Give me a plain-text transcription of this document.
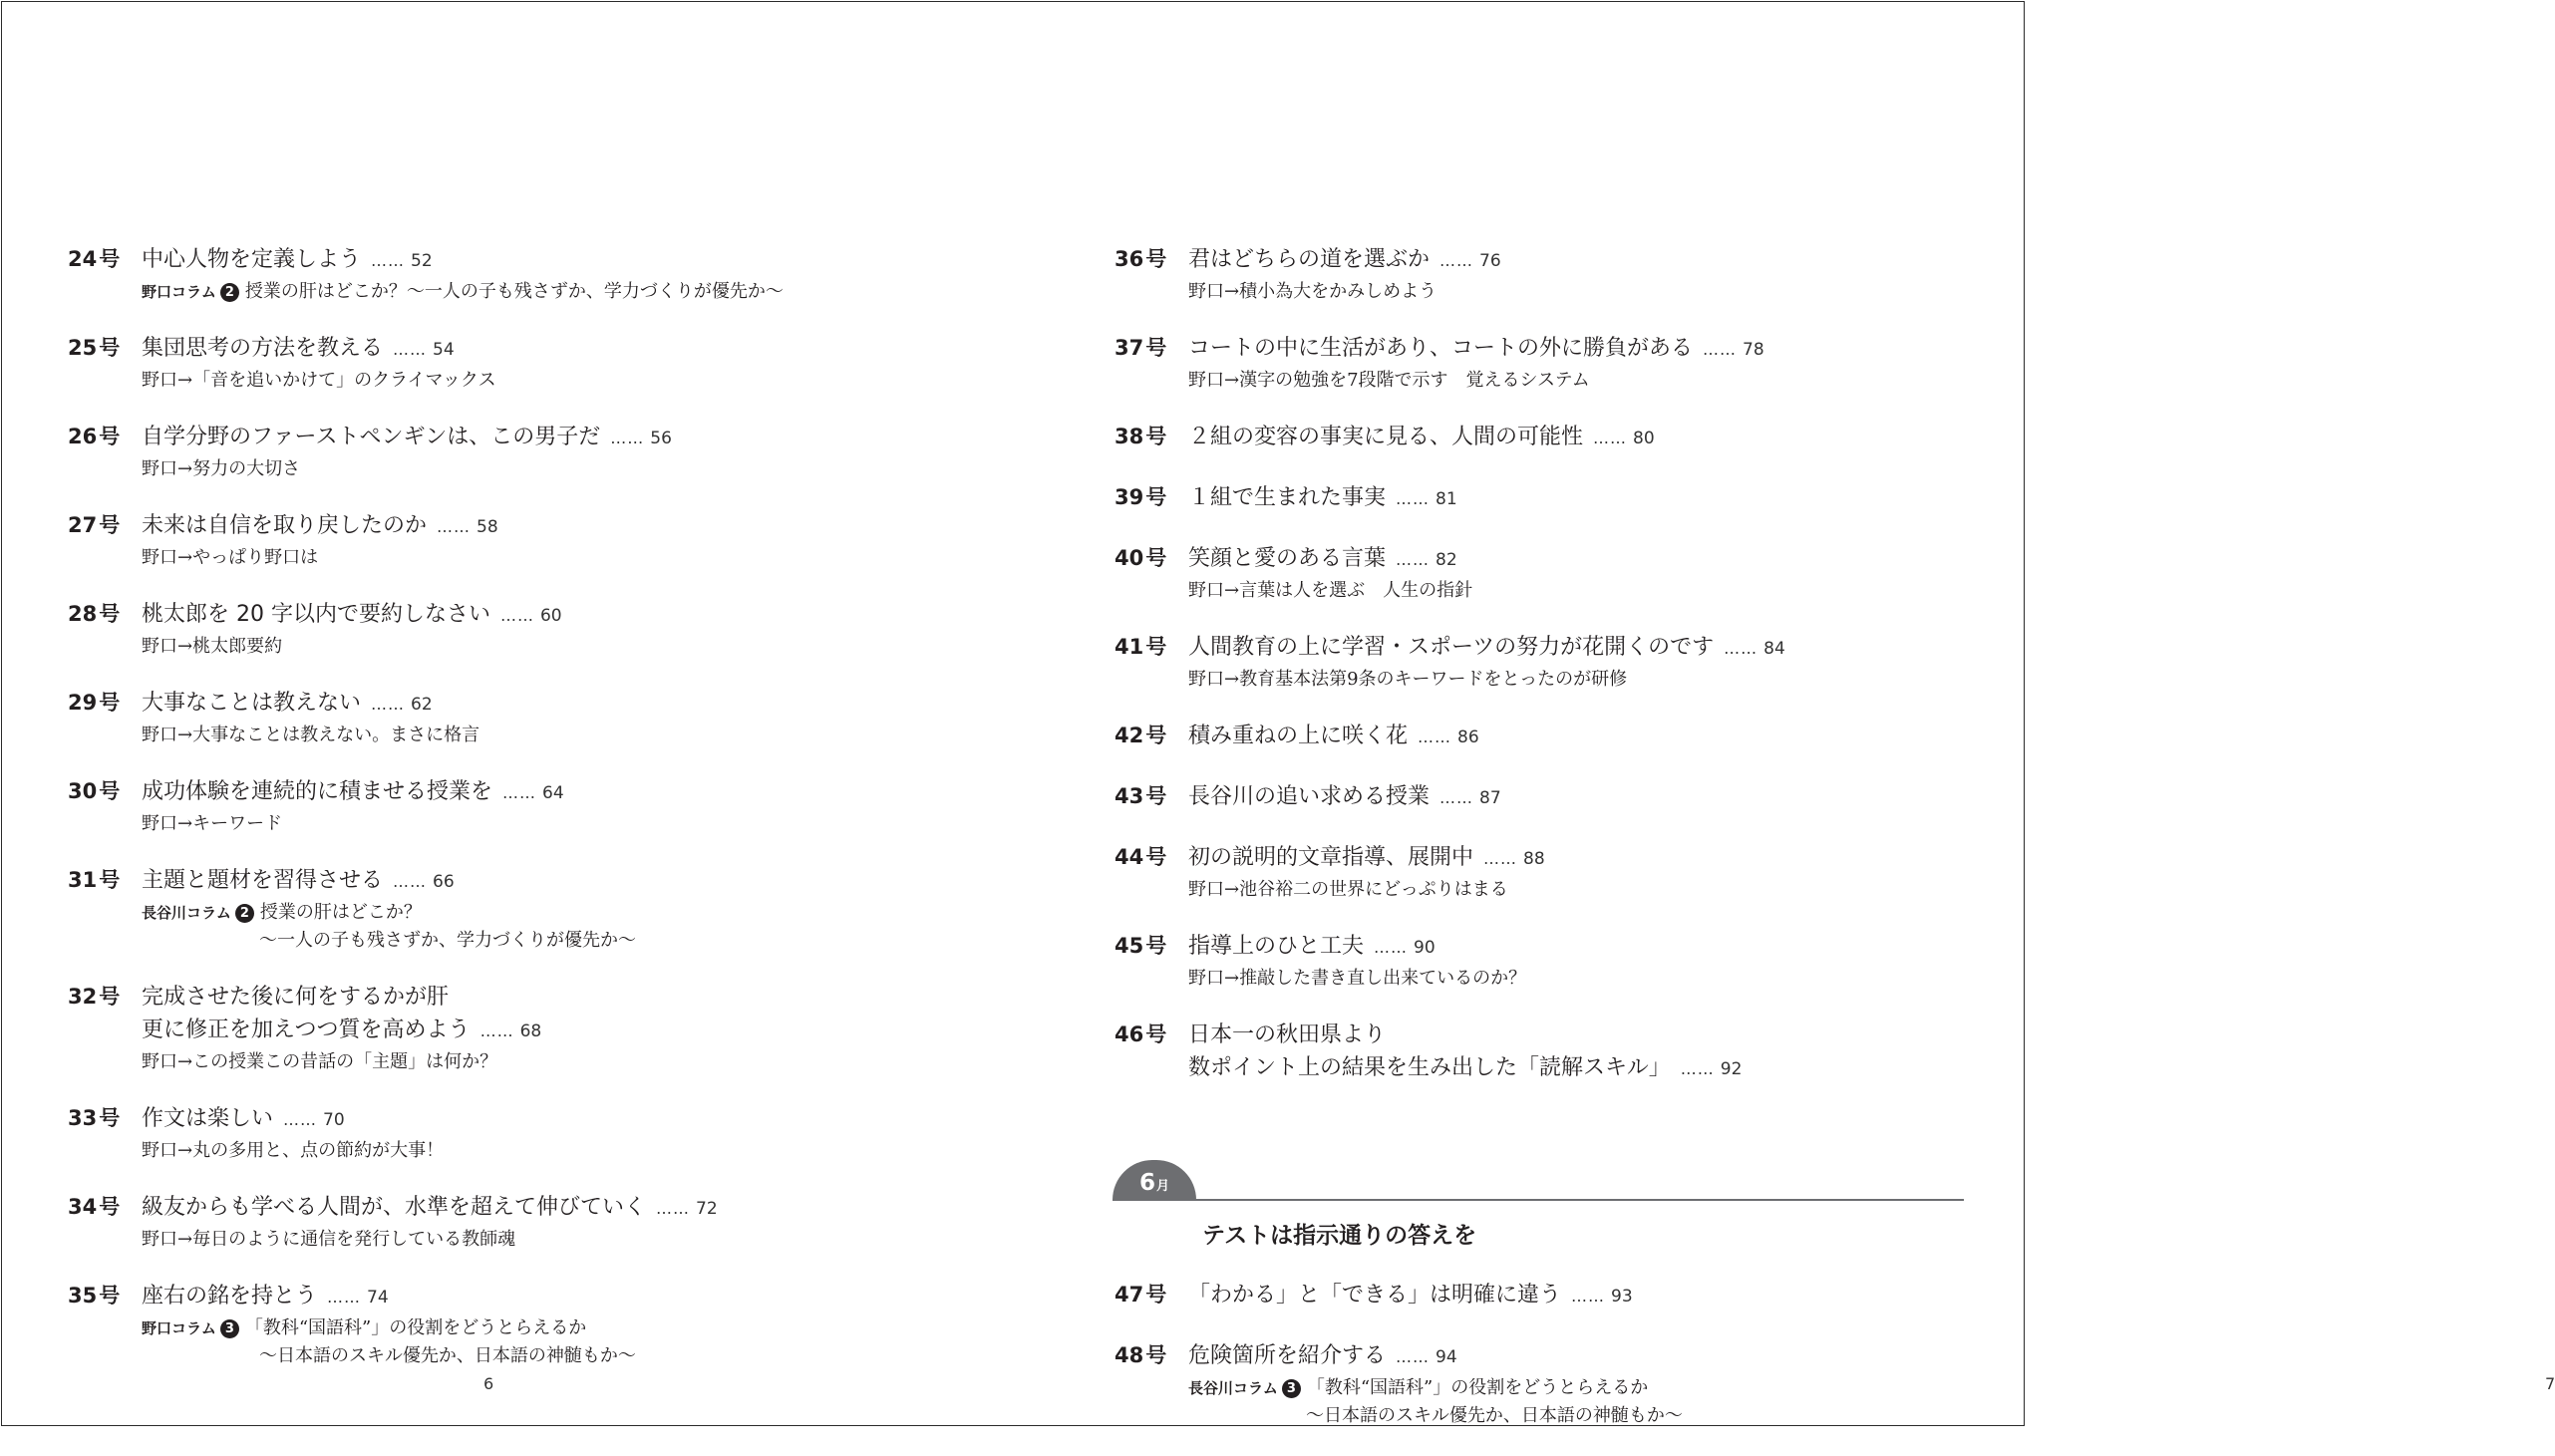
24号 中心人物を定義しよう …… 52
野口コラム 2 授業の肝はどこか？〜一人の子も残さずか、学力づくりが優先か〜
25号 集団思考の方法を教える …… 54
野口→「音を追いかけて」のクライマックス
26号 自学分野のファーストペンギンは、この男子だ …… 56
野口→努力の大切さ
27号 未来は自信を取り戻したのか …… 58
野口→やっぱり野口は
28号 桃太郎を 20 字以内で要約しなさい …… 60
野口→桃太郎要約
29号 大事なことは教えない …… 62
野口→大事なことは教えない。まさに格言
30号 成功体験を連続的に積ませる授業を …… 64
野口→キーワード
31号 主題と題材を習得させる …… 66
長谷川コラム 2 授業の肝はどこか？
〜一人の子も残さずか、学力づくりが優先か〜
32号 完成させた後に何をするかが肝
更に修正を加えつつ質を高めよう …… 68
野口→この授業この昔話の「主題」は何か？
33号 作文は楽しい …… 70
野口→丸の多用と、点の節約が大事！
34号 級友からも学べる人間が、水準を超えて伸びていく …… 72
野口→毎日のように通信を発行している教師魂
35号 座右の銘を持とう …… 74
野口コラム 3 「教科“国語科”」の役割をどうとらえるか
〜日本語のスキル優先か、日本語の神髄もか〜
6
36号 君はどちらの道を選ぶか …… 76
野口→積小為大をかみしめよう
37号 コートの中に生活があり、コートの外に勝負がある …… 78
野口→漢字の勉強を7段階で示す　覚えるシステム
38号 ２組の変容の事実に見る、人間の可能性 …… 80
39号 １組で生まれた事実 …… 81
40号 笑顔と愛のある言葉 …… 82
野口→言葉は人を選ぶ　人生の指針
41号 人間教育の上に学習・スポーツの努力が花開くのです …… 84
野口→教育基本法第9条のキーワードをとったのが研修
42号 積み重ねの上に咲く花 …… 86
43号 長谷川の追い求める授業 …… 87
44号 初の説明的文章指導、展開中 …… 88
野口→池谷裕二の世界にどっぷりはまる
45号 指導上のひと工夫 …… 90
野口→推敲した書き直し出来ているのか？
46号 日本一の秋田県より
数ポイント上の結果を生み出した「読解スキル」 …… 92
6月
テストは指示通りの答えを
47号 「わかる」と「できる」は明確に違う …… 93
48号 危険箇所を紹介する …… 94
長谷川コラム 3 「教科“国語科”」の役割をどうとらえるか
〜日本語のスキル優先か、日本語の神髄もか〜
7
